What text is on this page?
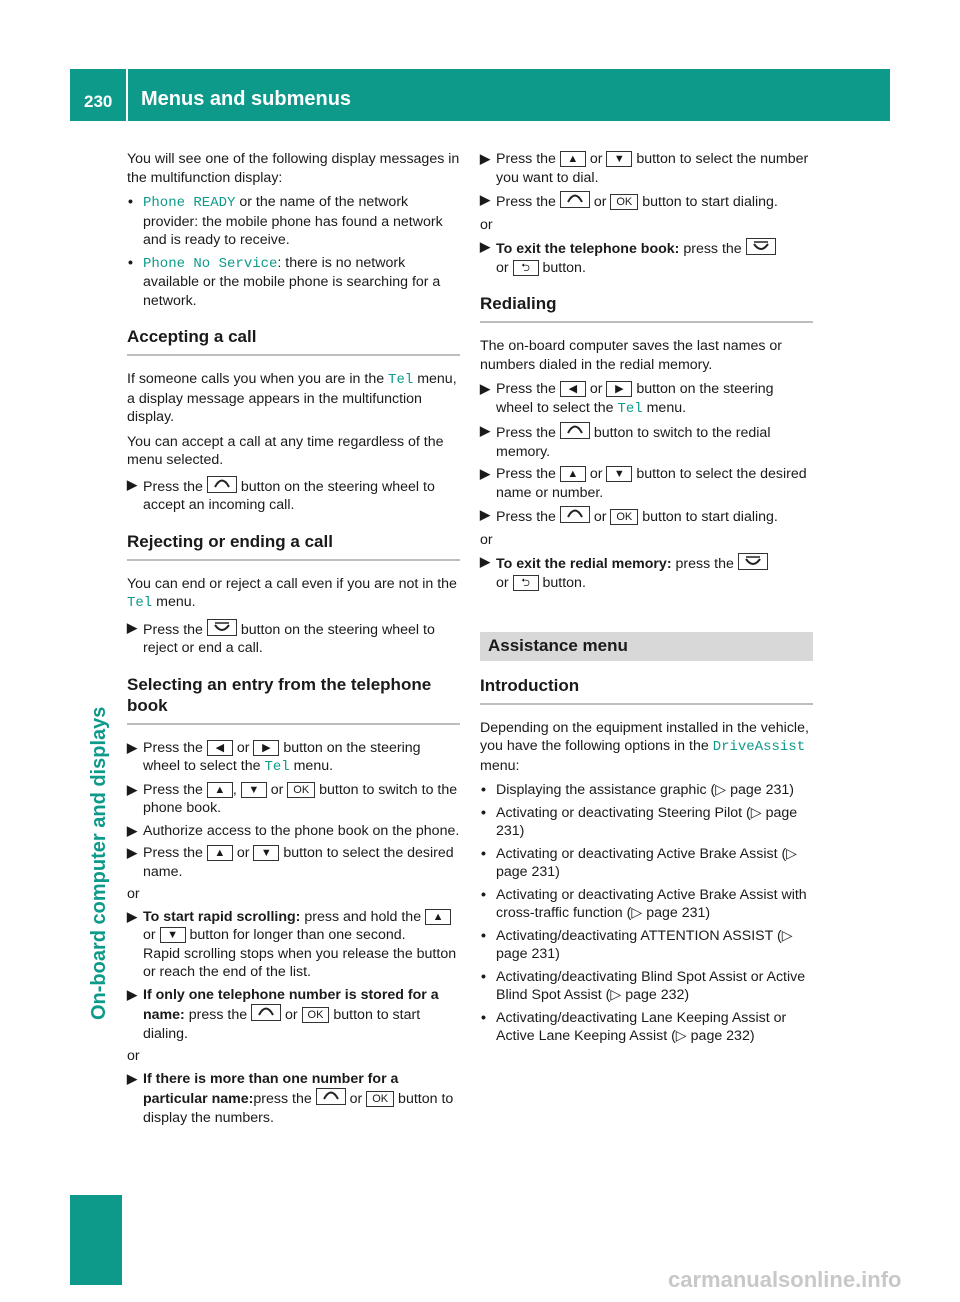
230 Menus and submenus
On-board computer and displays

You will see one of the following display messages in the multifunction display:

• Phone READY or the name of the network provider: the mobile phone has found a network and is ready to receive.
• Phone No Service: there is no network available or the mobile phone is searching for a network.
Accepting a call

If someone calls you when you are in the Tel menu, a display message appears in the multifunction display.

You can accept a call at any time regardless of the menu selected.

▶ Press the
button on the steering wheel to accept an incoming call.
Rejecting or ending a call

You can end or reject a call even if you are not in the Tel menu.

▶ Press the
button on the steering wheel to reject or end a call.
Selecting an entry from the telephone book
▶ Press the ◀ or ▶ button on the steering wheel to select the Tel menu.
▶ Press the ▲ , ▼ or OK button to switch to the phone book.
▶ Authorize access to the phone book on the phone.
▶ Press the ▲ or ▼ button to select the desired name.

or

▶ To start rapid scrolling: press and hold the ▲ or ▼ button for longer than one second.
Rapid scrolling stops when you release the button or reach the end of the list.
▶ If only one telephone number is stored for a name: press the
or OK button to start dialing.

or

▶ If there is more than one number for a particular name:press the
or OK button to display the numbers.
▶ Press the ▲ or ▼ button to select the number you want to dial.
▶ Press the
or OK button to start dialing.

or

▶ To exit the telephone book: press the

or ⮌ button.
Redialing

The on-board computer saves the last names or numbers dialed in the redial memory.

▶ Press the ◀ or ▶ button on the steering wheel to select the Tel menu.
▶ Press the
button to switch to the redial memory.
▶ Press the ▲ or ▼ button to select the desired name or number.
▶ Press the
or OK button to start dialing.

or

▶ To exit the redial memory: press the

or ⮌ button.
Assistance menu
Introduction

Depending on the equipment installed in the vehicle, you have the following options in the DriveAssist menu:

• Displaying the assistance graphic (▷ page 231)
• Activating or deactivating Steering Pilot (▷ page 231)
• Activating or deactivating Active Brake Assist (▷ page 231)
• Activating or deactivating Active Brake Assist with cross-traffic function (▷ page 231)
• Activating/deactivating ATTENTION ASSIST (▷ page 231)
• Activating/deactivating Blind Spot Assist or Active Blind Spot Assist (▷ page 232)
• Activating/deactivating Lane Keeping Assist or Active Lane Keeping Assist (▷ page 232)
carmanualsonline.info
